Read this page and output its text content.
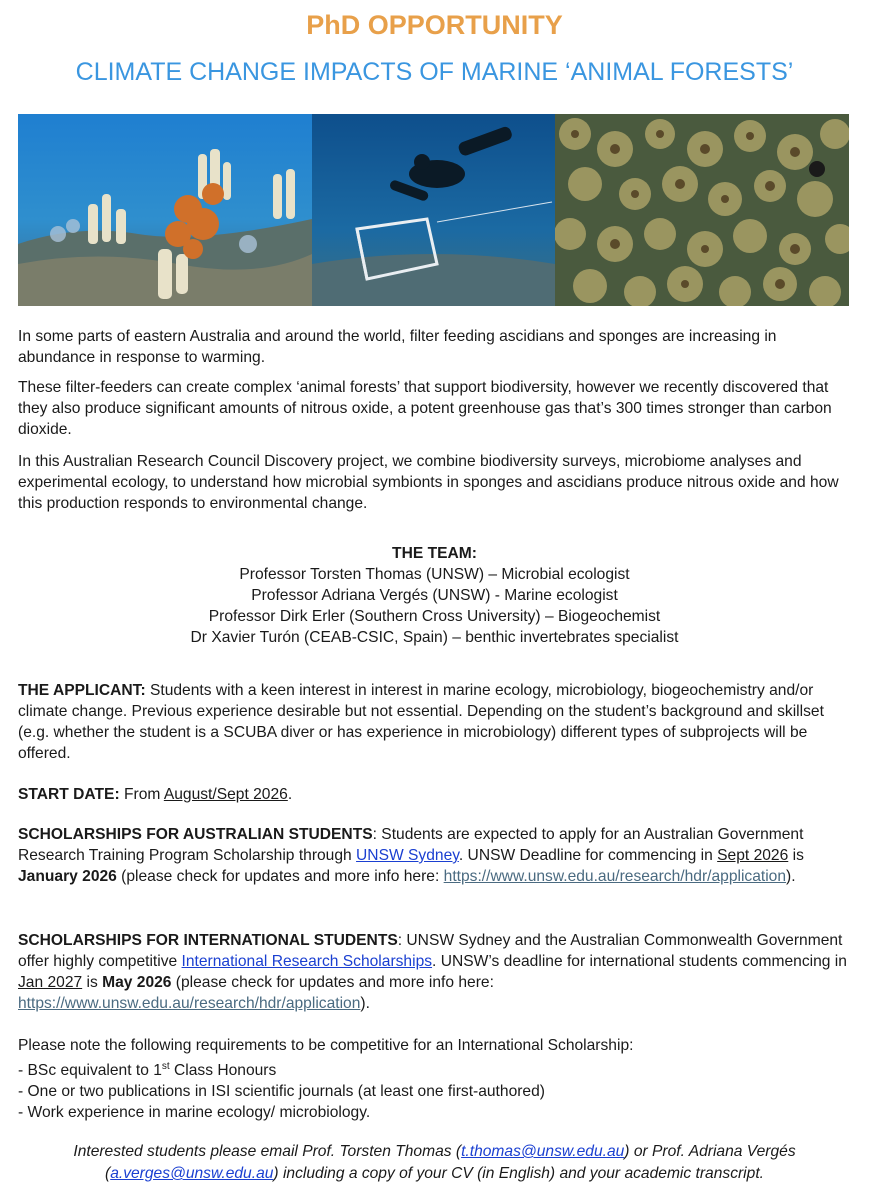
PhD OPPORTUNITY
CLIMATE CHANGE IMPACTS OF MARINE ‘ANIMAL FORESTS’

In some parts of eastern Australia and around the world, filter feeding ascidians and sponges are increasing in abundance in response to warming.

These filter-feeders can create complex ‘animal forests’ that support biodiversity, however we recently discovered that they also produce significant amounts of nitrous oxide, a potent greenhouse gas that’s 300 times stronger than carbon dioxide.

In this Australian Research Council Discovery project, we combine biodiversity surveys, microbiome analyses and experimental ecology, to understand how microbial symbionts in sponges and ascidians produce nitrous oxide and how this production responds to environmental change.

THE TEAM:
Professor Torsten Thomas (UNSW) – Microbial ecologist
Professor Adriana Vergés (UNSW) - Marine ecologist
Professor Dirk Erler (Southern Cross University) – Biogeochemist
Dr Xavier Turón (CEAB-CSIC, Spain) – benthic invertebrates specialist

THE APPLICANT: Students with a keen interest in interest in marine ecology, microbiology, biogeochemistry and/or climate change. Previous experience desirable but not essential. Depending on the student’s background and skillset (e.g. whether the student is a SCUBA diver or has experience in microbiology) different types of subprojects will be offered.

START DATE: From August/Sept 2026.

SCHOLARSHIPS FOR AUSTRALIAN STUDENTS: Students are expected to apply for an Australian Government Research Training Program Scholarship through UNSW Sydney. UNSW Deadline for commencing in Sept 2026 is January 2026 (please check for updates and more info here: https://www.unsw.edu.au/research/hdr/application).

SCHOLARSHIPS FOR INTERNATIONAL STUDENTS: UNSW Sydney and the Australian Commonwealth Government offer highly competitive International Research Scholarships. UNSW’s deadline for international students commencing in Jan 2027 is May 2026 (please check for updates and more info here: https://www.unsw.edu.au/research/hdr/application).

Please note the following requirements to be competitive for an International Scholarship:
- BSc equivalent to 1st Class Honours
- One or two publications in ISI scientific journals (at least one first-authored)
- Work experience in marine ecology/ microbiology.
Interested students please email Prof. Torsten Thomas (t.thomas@unsw.edu.au) or Prof. Adriana Vergés
(a.verges@unsw.edu.au) including a copy of your CV (in English) and your academic transcript.
